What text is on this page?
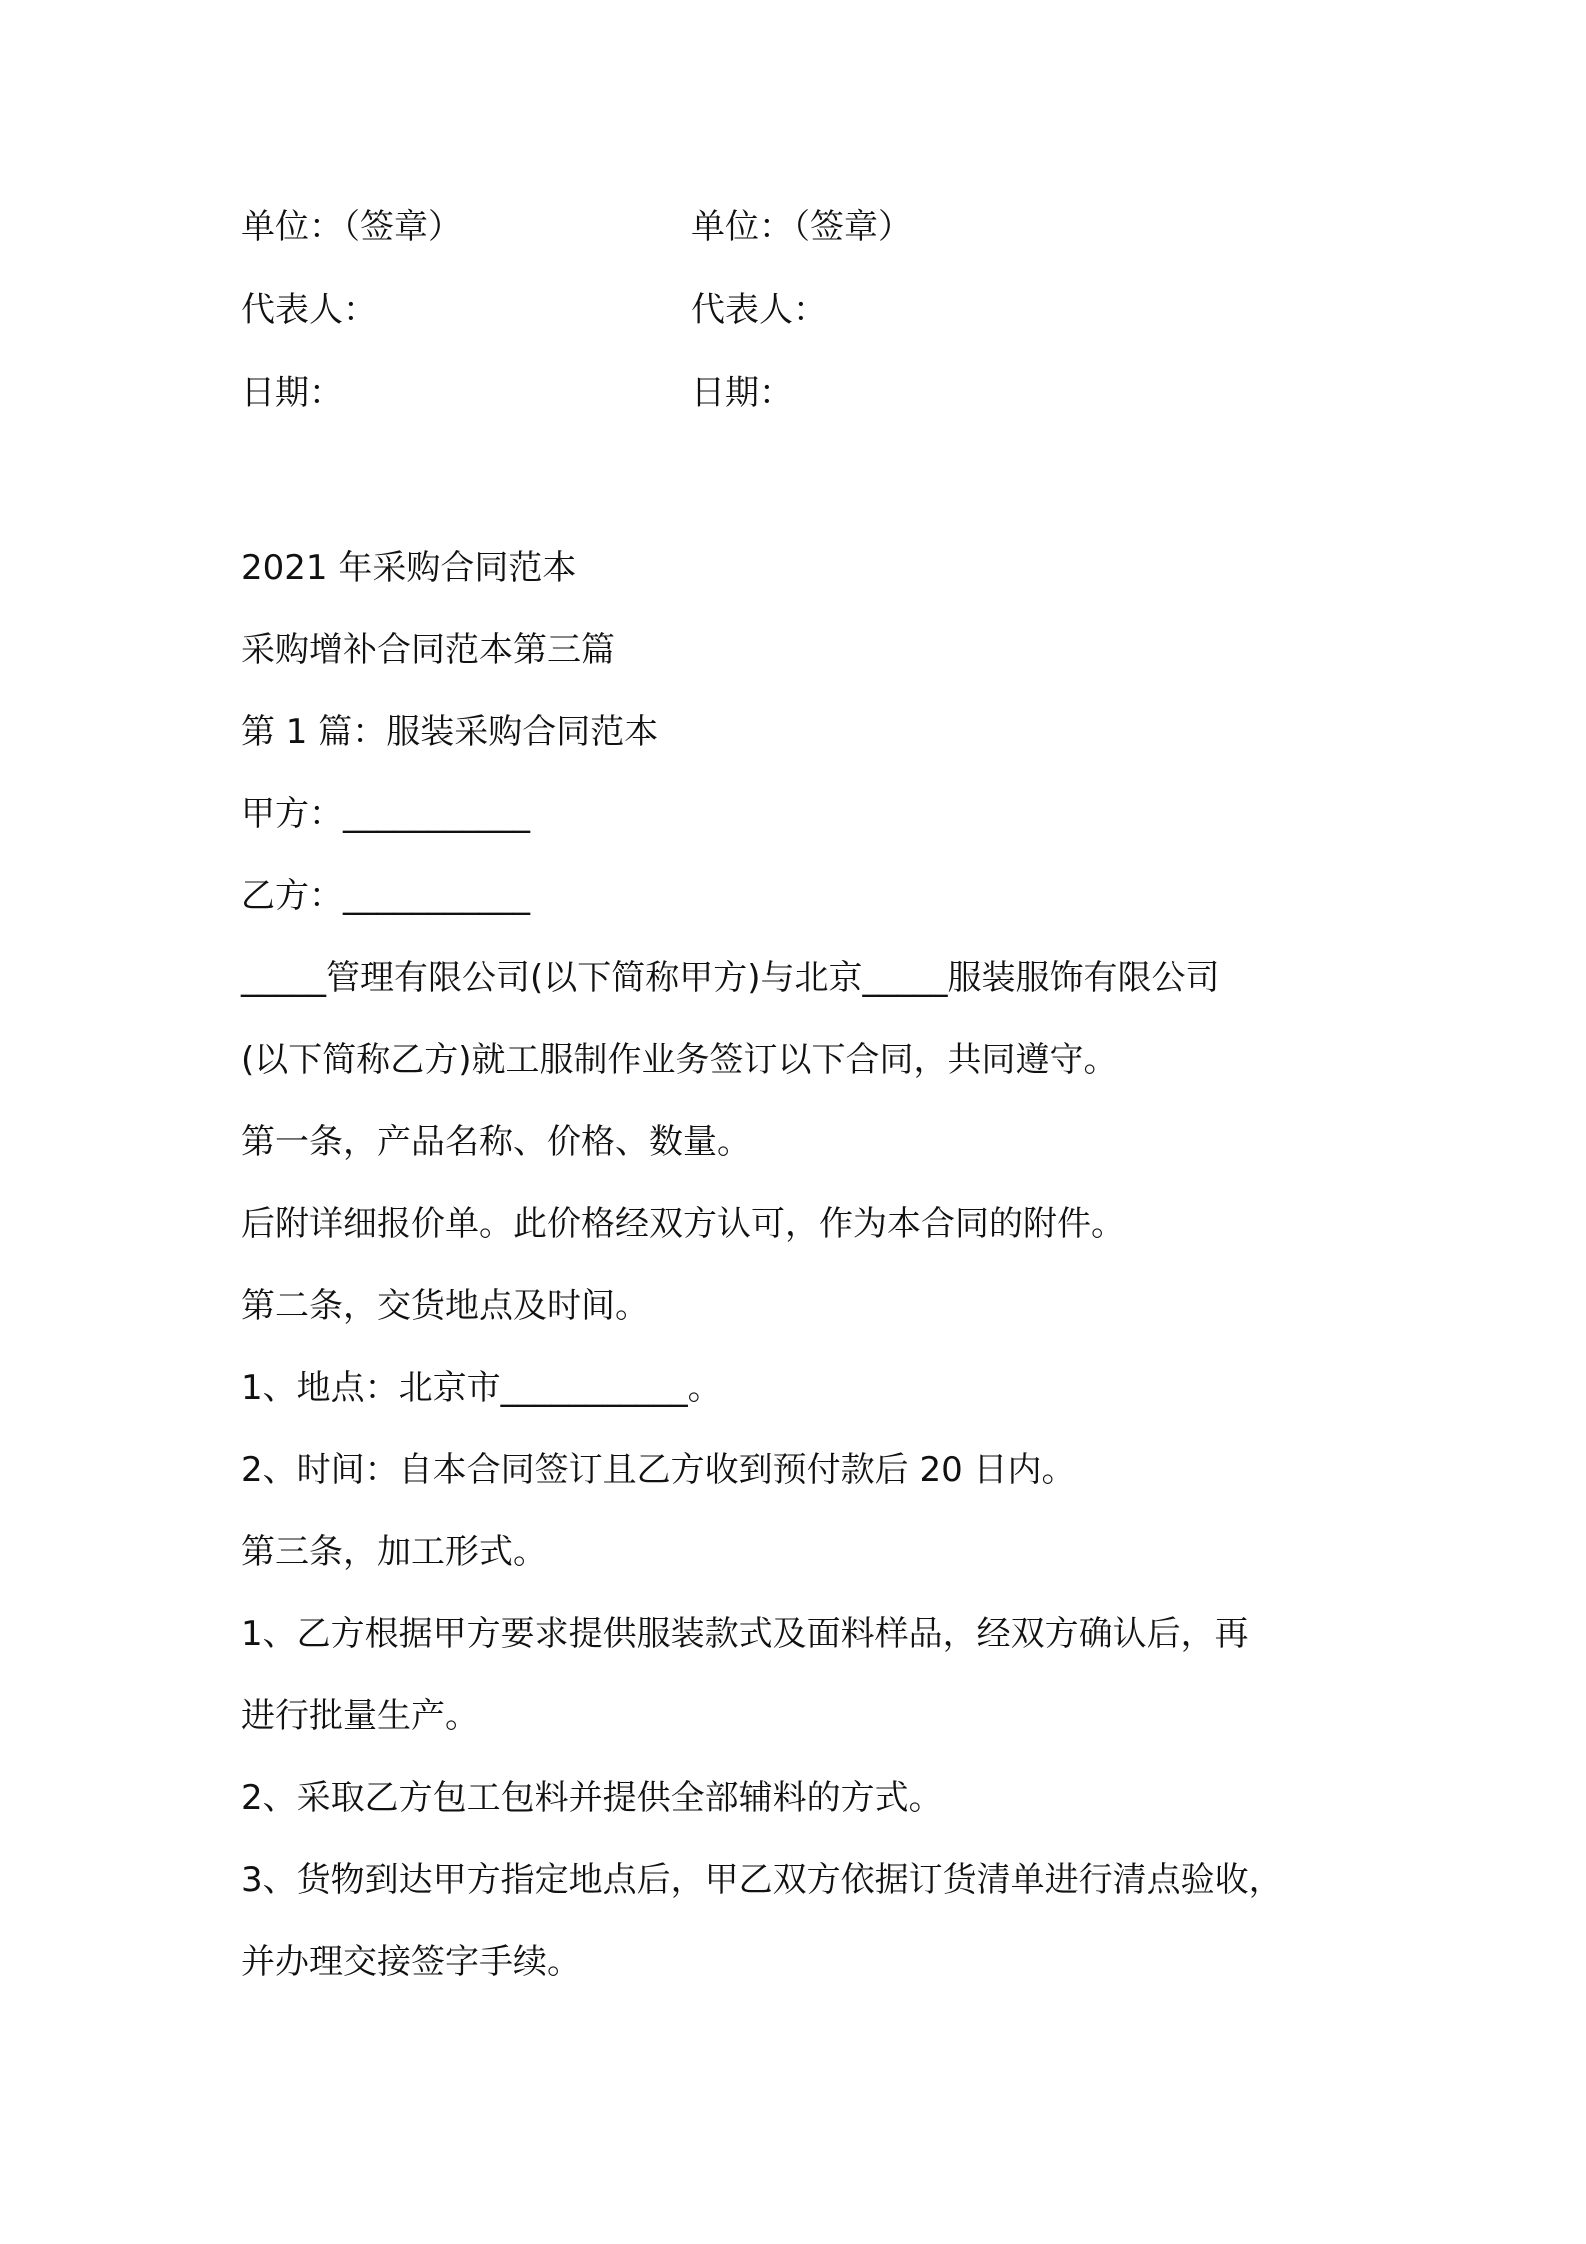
单位：（签章）	单位：（签章）
代表人：	代表人：
日期：	日期：
2021 年采购合同范本
采购增补合同范本第三篇
第 1 篇：服装采购合同范本
甲方：___________
乙方：___________
_____管理有限公司(以下简称甲方)与北京_____服装服饰有限公司
(以下简称乙方)就工服制作业务签订以下合同，共同遵守。
第一条，产品名称、价格、数量。
后附详细报价单。此价格经双方认可，作为本合同的附件。
第二条，交货地点及时间。
1、地点：北京市___________。
2、时间：自本合同签订且乙方收到预付款后 20 日内。
第三条，加工形式。
1、乙方根据甲方要求提供服装款式及面料样品，经双方确认后，再
进行批量生产。
2、采取乙方包工包料并提供全部辅料的方式。
3、货物到达甲方指定地点后，甲乙双方依据订货清单进行清点验收，
并办理交接签字手续。
